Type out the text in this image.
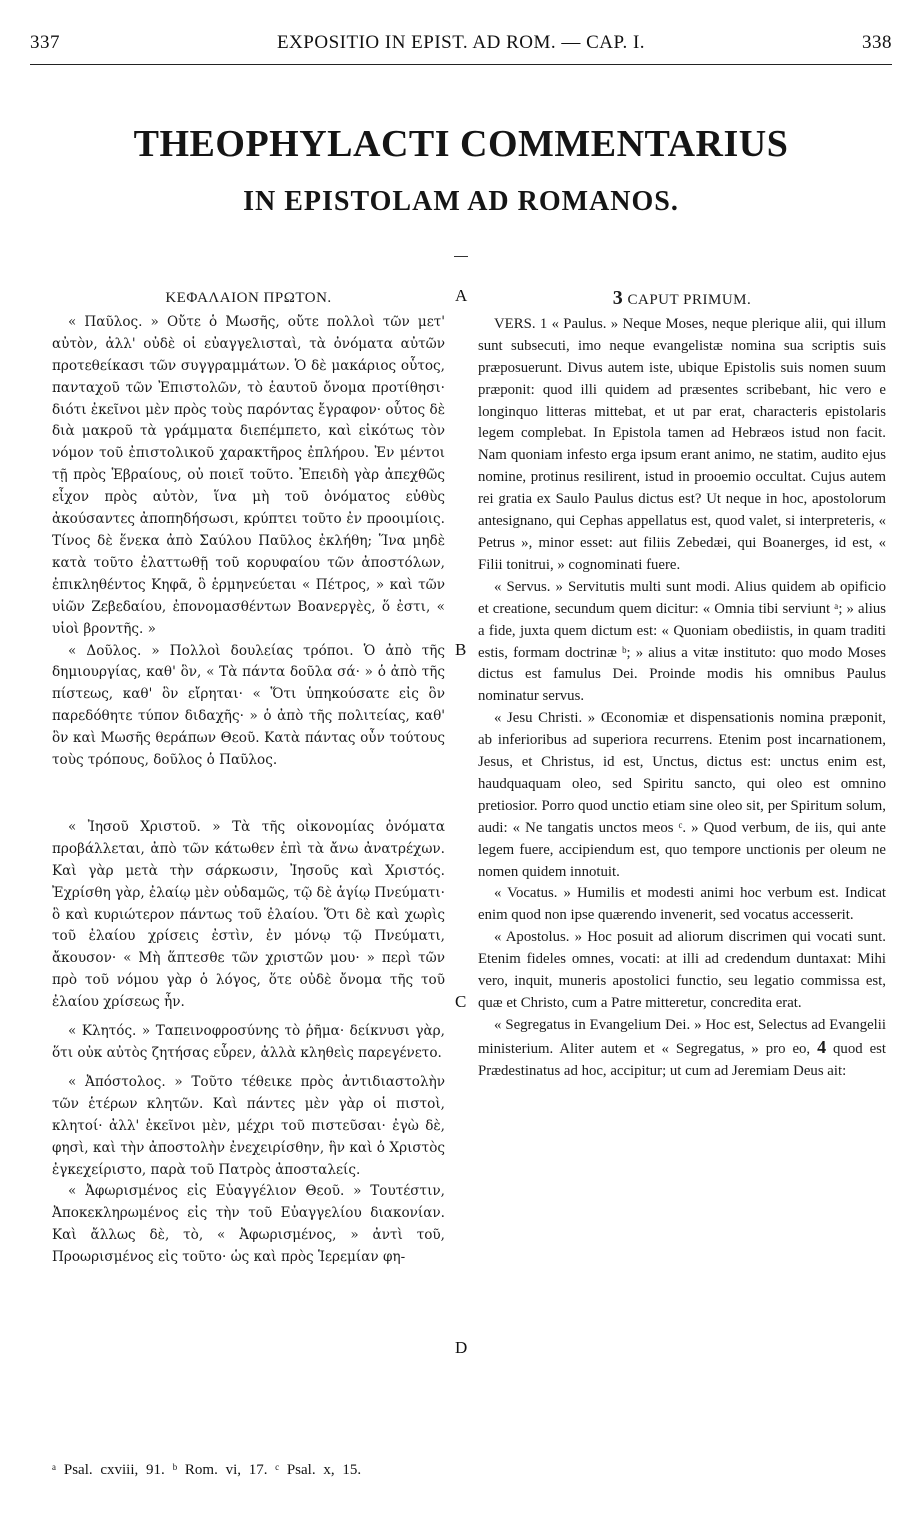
337	EXPOSITIO IN EPIST. AD ROM. — CAP. I.	338
THEOPHYLACTI COMMENTARIUS
IN EPISTOLAM AD ROMANOS.
ΚΕΦΑΛΑΙΟΝ ΠΡΩΤΟΝ.

« Παῦλος. » Οὔτε ὁ Μωσῆς, οὔτε πολλοὶ τῶν μετ' αὐτὸν, ἀλλ' οὐδὲ οἱ εὐαγγελισταὶ, τὰ ὀνόματα αὐτῶν προτεθείκασι τῶν συγγραμμάτων. Ὁ δὲ μακάριος οὗτος, πανταχοῦ τῶν Ἐπιστολῶν, τὸ ἑαυτοῦ ὄνομα προτίθησι· διότι ἐκεῖνοι μὲν πρὸς τοὺς παρόντας ἔγραφον· οὗτος δὲ διὰ μακροῦ τὰ γράμματα διεπέμπετο, καὶ εἰκότως τὸν νόμον τοῦ ἐπιστολικοῦ χαρακτῆρος ἐπλήρου. Ἐν μέντοι τῇ πρὸς Ἑβραίους, οὐ ποιεῖ τοῦτο. Ἐπειδὴ γὰρ ἀπεχθῶς εἶχον πρὸς αὐτὸν, ἵνα μὴ τοῦ ὀνόματος εὐθὺς ἀκούσαντες ἀποπηδήσωσι, κρύπτει τοῦτο ἐν προοιμίοις. Τίνος δὲ ἕνεκα ἀπὸ Σαύλου Παῦλος ἐκλήθη; Ἵνα μηδὲ κατὰ τοῦτο ἐλαττωθῇ τοῦ κορυφαίου τῶν ἀποστόλων, ἐπικληθέντος Κηφᾶ, ὃ ἑρμηνεύεται « Πέτρος, » καὶ τῶν υἱῶν Ζεβεδαίου, ἐπονομασθέντων Βοανεργὲς, ὅ ἐστι, « υἱοὶ βροντῆς. »

« Δοῦλος. » Πολλοὶ δουλείας τρόποι. Ὁ ἀπὸ τῆς δημιουργίας, καθ' ὃν, « Τὰ πάντα δοῦλα σά· » ὁ ἀπὸ τῆς πίστεως, καθ' ὃν εἴρηται· « Ὅτι ὑπηκούσατε εἰς ὃν παρεδόθητε τύπον διδαχῆς· » ὁ ἀπὸ τῆς πολιτείας, καθ' ὃν καὶ Μωσῆς θεράπων Θεοῦ. Κατὰ πάντας οὖν τούτους τοὺς τρόπους, δοῦλος ὁ Παῦλος.

« Ἰησοῦ Χριστοῦ. » Τὰ τῆς οἰκονομίας ὀνόματα προβάλλεται, ἀπὸ τῶν κάτωθεν ἐπὶ τὰ ἄνω ἀνατρέχων. Καὶ γὰρ μετὰ τὴν σάρκωσιν, Ἰησοῦς καὶ Χριστός. Ἐχρίσθη γὰρ, ἐλαίῳ μὲν οὐδαμῶς, τῷ δὲ ἁγίῳ Πνεύματι· ὃ καὶ κυριώτερον πάντως τοῦ ἐλαίου. Ὅτι δὲ καὶ χωρὶς τοῦ ἐλαίου χρίσεις ἐστὶν, ἐν μόνῳ τῷ Πνεύματι, ἄκουσον· « Μὴ ἅπτεσθε τῶν χριστῶν μου· » περὶ τῶν πρὸ τοῦ νόμου γὰρ ὁ λόγος, ὅτε οὐδὲ ὄνομα τῆς τοῦ ἐλαίου χρίσεως ἦν.

« Κλητός. » Ταπεινοφροσύνης τὸ ῥῆμα· δείκνυσι γὰρ, ὅτι οὐκ αὐτὸς ζητήσας εὗρεν, ἀλλὰ κληθεὶς παρεγένετο.

« Ἀπόστολος. » Τοῦτο τέθεικε πρὸς ἀντιδιαστολὴν τῶν ἑτέρων κλητῶν. Καὶ πάντες μὲν γὰρ οἱ πιστοὶ, κλητοί· ἀλλ' ἐκεῖνοι μὲν, μέχρι τοῦ πιστεῦσαι· ἐγὼ δὲ, φησὶ, καὶ τὴν ἀποστολὴν ἐνεχειρίσθην, ἣν καὶ ὁ Χριστὸς ἐγκεχείριστο, παρὰ τοῦ Πατρὸς ἀποσταλείς.

« Ἀφωρισμένος εἰς Εὐαγγέλιον Θεοῦ. » Τουτέστιν, Ἀποκεκληρωμένος εἰς τὴν τοῦ Εὐαγγελίου διακονίαν. Καὶ ἄλλως δὲ, τὸ, « Ἀφωρισμένος, » ἀντὶ τοῦ, Προωρισμένος εἰς τοῦτο· ὡς καὶ πρὸς Ἱερεμίαν φη-

A
B
C
D
3 CAPUT PRIMUM.

VERS. 1 « Paulus. » Neque Moses, neque plerique alii, qui illum sunt subsecuti, imo neque evangelistæ nomina sua scriptis suis præposuerunt. Divus autem iste, ubique Epistolis suis nomen suum præponit: quod illi quidem ad præsentes scribebant, hic vero e longinquo litteras mittebat, et ut par erat, characteris epistolaris legem complebat. In Epistola tamen ad Hebræos istud non facit. Nam quoniam infesto erga ipsum erant animo, ne statim, audito ejus nomine, protinus resilirent, istud in prooemio occultat. Cujus autem rei gratia ex Saulo Paulus dictus est? Ut neque in hoc, apostolorum antesignano, qui Cephas appellatus est, quod valet, si interpreteris, « Petrus », minor esset: aut filiis Zebedæi, qui Boanerges, id est, « Filii tonitrui, » cognominati fuere.

« Servus. » Servitutis multi sunt modi. Alius quidem ab opificio et creatione, secundum quem dicitur: « Omnia tibi serviunt ᵃ; » alius a fide, juxta quem dictum est: « Quoniam obediistis, in quam traditi estis, formam doctrinæ ᵇ; » alius a vitæ instituto: quo modo Moses dictus est famulus Dei. Proinde modis his omnibus Paulus nominatur servus.

« Jesu Christi. » Œconomiæ et dispensationis nomina præponit, ab inferioribus ad superiora recurrens. Etenim post incarnationem, Jesus, et Christus, id est, Unctus, dictus est: unctus enim est, haudquaquam oleo, sed Spiritu sancto, qui oleo est omnino pretiosior. Porro quod unctio etiam sine oleo sit, per Spiritum solum, audi: « Ne tangatis unctos meos ᶜ. » Quod verbum, de iis, qui ante legem fuere, accipiendum est, quo tempore unctionis per oleum ne nomen quidem innotuit.

« Vocatus. » Humilis et modesti animi hoc verbum est. Indicat enim quod non ipse quærendo invenerit, sed vocatus accesserit.

« Apostolus. » Hoc posuit ad aliorum discrimen qui vocati sunt. Etenim fideles omnes, vocati: at illi ad credendum duntaxat: Mihi vero, inquit, muneris apostolici functio, seu legatio commissa est, quæ et Christo, cum a Patre mitteretur, concredita erat.

« Segregatus in Evangelium Dei. » Hoc est, Selectus ad Evangelii ministerium. Aliter autem et « Segregatus, » pro eo, 4 quod est Prædestinatus ad hoc, accipitur; ut cum ad Jeremiam Deus ait:

ᵃ Psal. cxviii, 91. ᵇ Rom. vi, 17. ᶜ Psal. x, 15.
